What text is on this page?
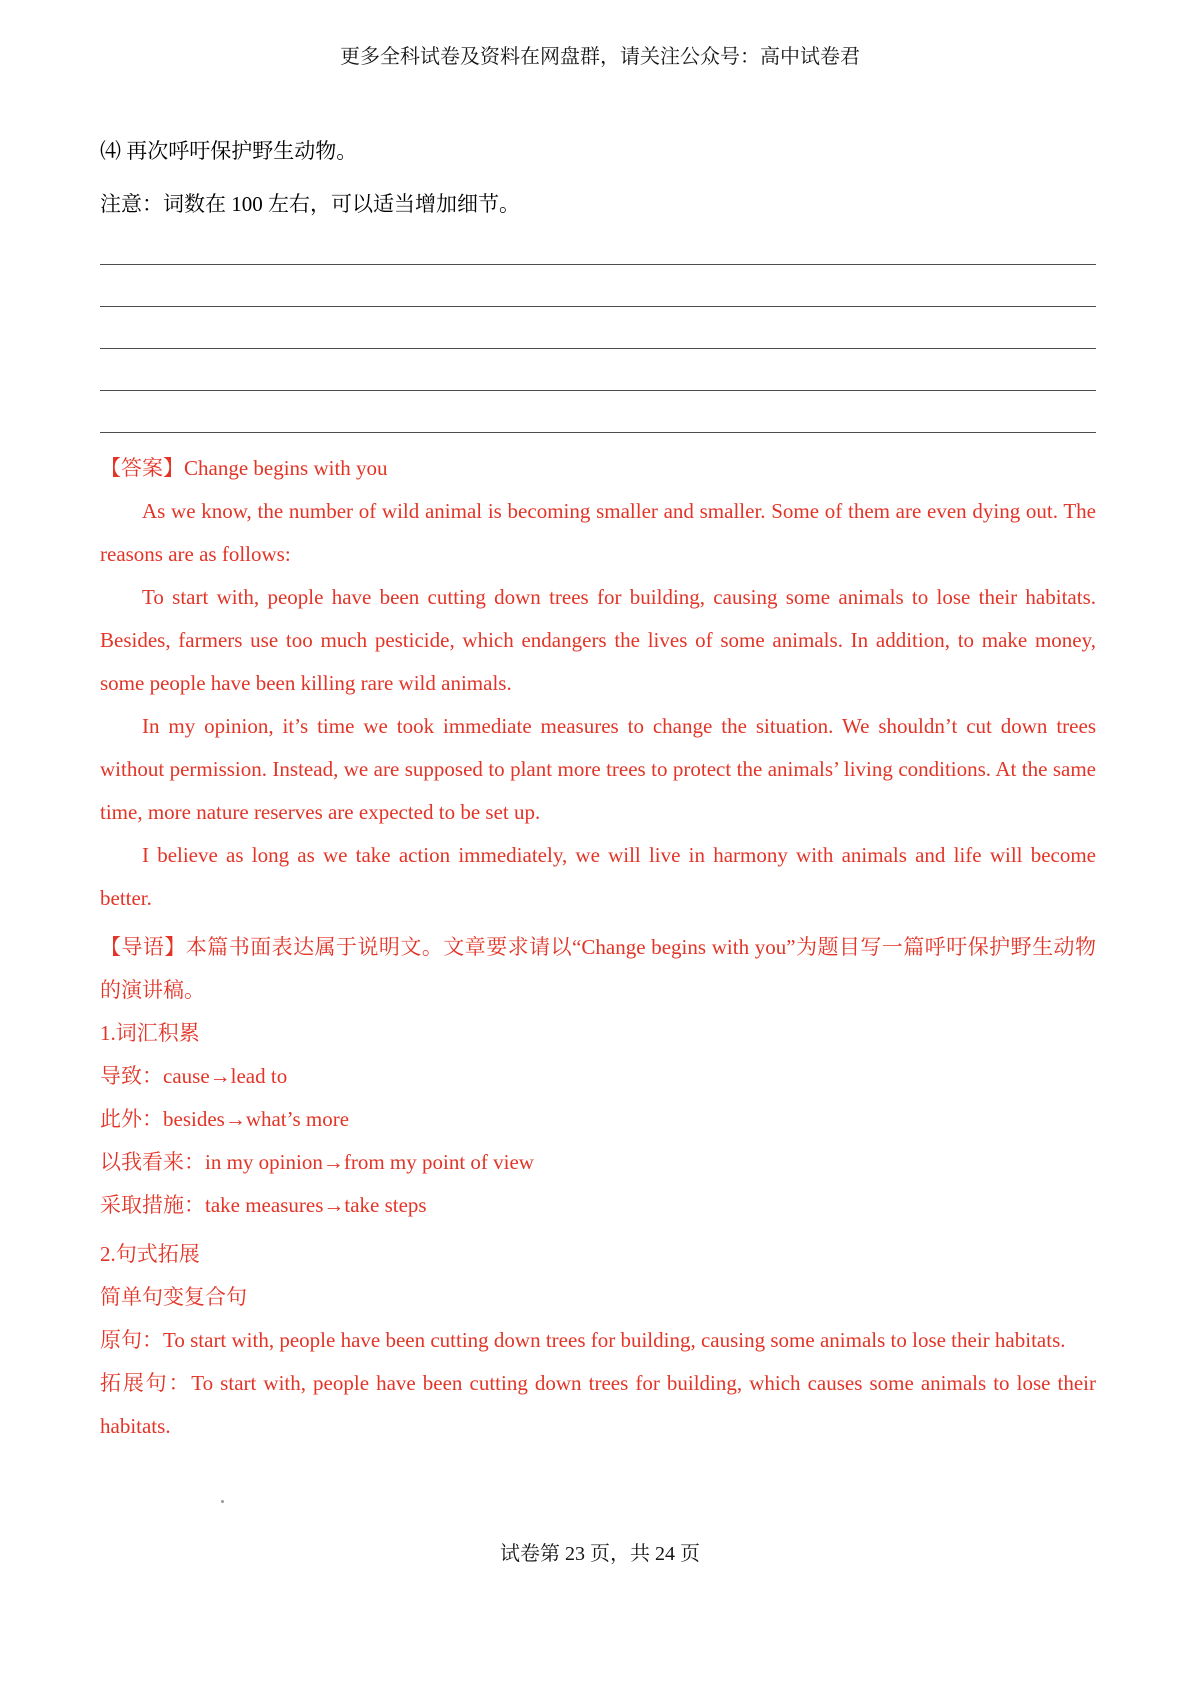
更多全科试卷及资料在网盘群，请关注公众号：高中试卷君

⑷ 再次呼吁保护野生动物。

注意：词数在 100 左右，可以适当增加细节。

【答案】Change begins with you

As we know, the number of wild animal is becoming smaller and smaller. Some of them are even dying out. The reasons are as follows:

To start with, people have been cutting down trees for building, causing some animals to lose their habitats. Besides, farmers use too much pesticide, which endangers the lives of some animals. In addition, to make money, some people have been killing rare wild animals.

In my opinion, it’s time we took immediate measures to change the situation. We shouldn’t cut down trees without permission. Instead, we are supposed to plant more trees to protect the animals’ living conditions. At the same time, more nature reserves are expected to be set up.

I believe as long as we take action immediately, we will live in harmony with animals and life will become better.

【导语】本篇书面表达属于说明文。文章要求请以“Change begins with you”为题目写一篇呼吁保护野生动物的演讲稿。

1.词汇积累

导致：cause→lead to

此外：besides→what’s more

以我看来：in my opinion→from my point of view

采取措施：take measures→take steps

2.句式拓展

简单句变复合句

原句：To start with, people have been cutting down trees for building, causing some animals to lose their habitats.

拓展句：To start with, people have been cutting down trees for building, which causes some animals to lose their habitats.

试卷第 23 页，共 24 页
